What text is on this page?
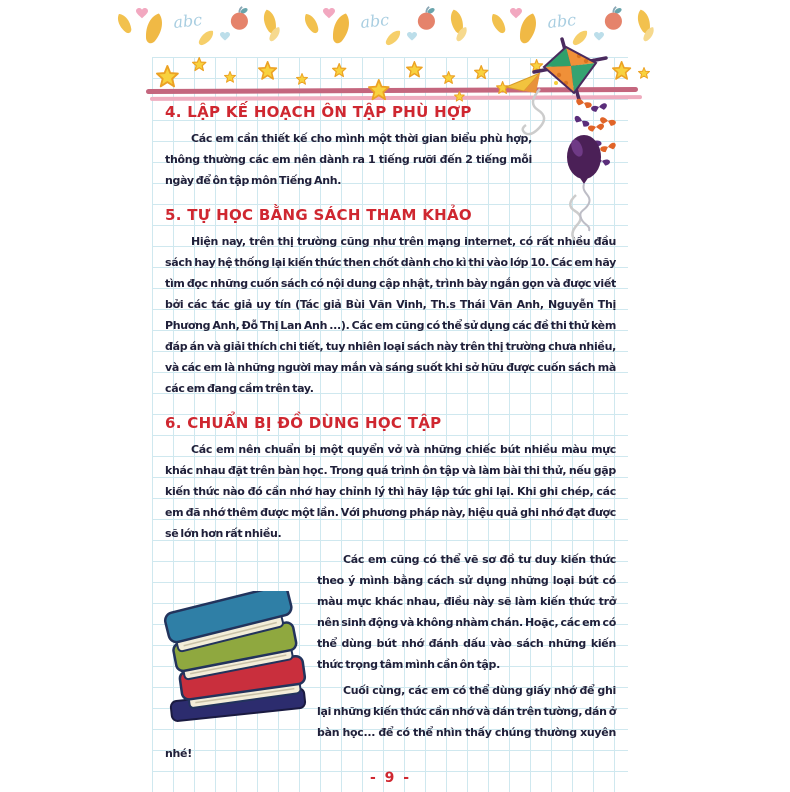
abc	abc	abc
4. LẬP KẾ HOẠCH ÔN TẬP PHÙ HỢP

Các em cần thiết kế cho mình một thời gian biểu phù hợp, thông thường các em nên dành ra 1 tiếng rưỡi đến 2 tiếng mỗi ngày để ôn tập môn Tiếng Anh.

5. TỰ HỌC BẰNG SÁCH THAM KHẢO

Hiện nay, trên thị trường cũng như trên mạng internet, có rất nhiều đầu sách hay hệ thống lại kiến thức then chốt dành cho kì thi vào lớp 10. Các em hãy tìm đọc những cuốn sách có nội dung cập nhật, trình bày ngắn gọn và được viết bởi các tác giả uy tín (Tác giả Bùi Văn Vinh, Th.s Thái Văn Anh, Nguyễn Thị Phương Anh, Đỗ Thị Lan Anh ...). Các em cũng có thể sử dụng các đề thi thử kèm đáp án và giải thích chi tiết, tuy nhiên loại sách này trên thị trường chưa nhiều, và các em là những người may mắn và sáng suốt khi sở hữu được cuốn sách mà các em đang cầm trên tay.

6. CHUẨN BỊ ĐỒ DÙNG HỌC TẬP

Các em nên chuẩn bị một quyển vở và những chiếc bút nhiều màu mực khác nhau đặt trên bàn học. Trong quá trình ôn tập và làm bài thi thử, nếu gặp kiến thức nào đó cần nhớ hay chỉnh lý thì hãy lập tức ghi lại. Khi ghi chép, các em đã nhớ thêm được một lần. Với phương pháp này, hiệu quả ghi nhớ đạt được sẽ lớn hơn rất nhiều.

Các em cũng có thể vẽ sơ đồ tư duy kiến thức theo ý mình bằng cách sử dụng những loại bút có màu mực khác nhau, điều này sẽ làm kiến thức trở nên sinh động và không nhàm chán. Hoặc, các em có thể dùng bút nhớ đánh dấu vào sách những kiến thức trọng tâm mình cần ôn tập.

Cuối cùng, các em có thể dùng giấy nhớ để ghi lại những kiến thức cần nhớ và dán trên tường, dán ở bàn học... để có thể nhìn thấy chúng thường xuyên nhé!

- 9 -
